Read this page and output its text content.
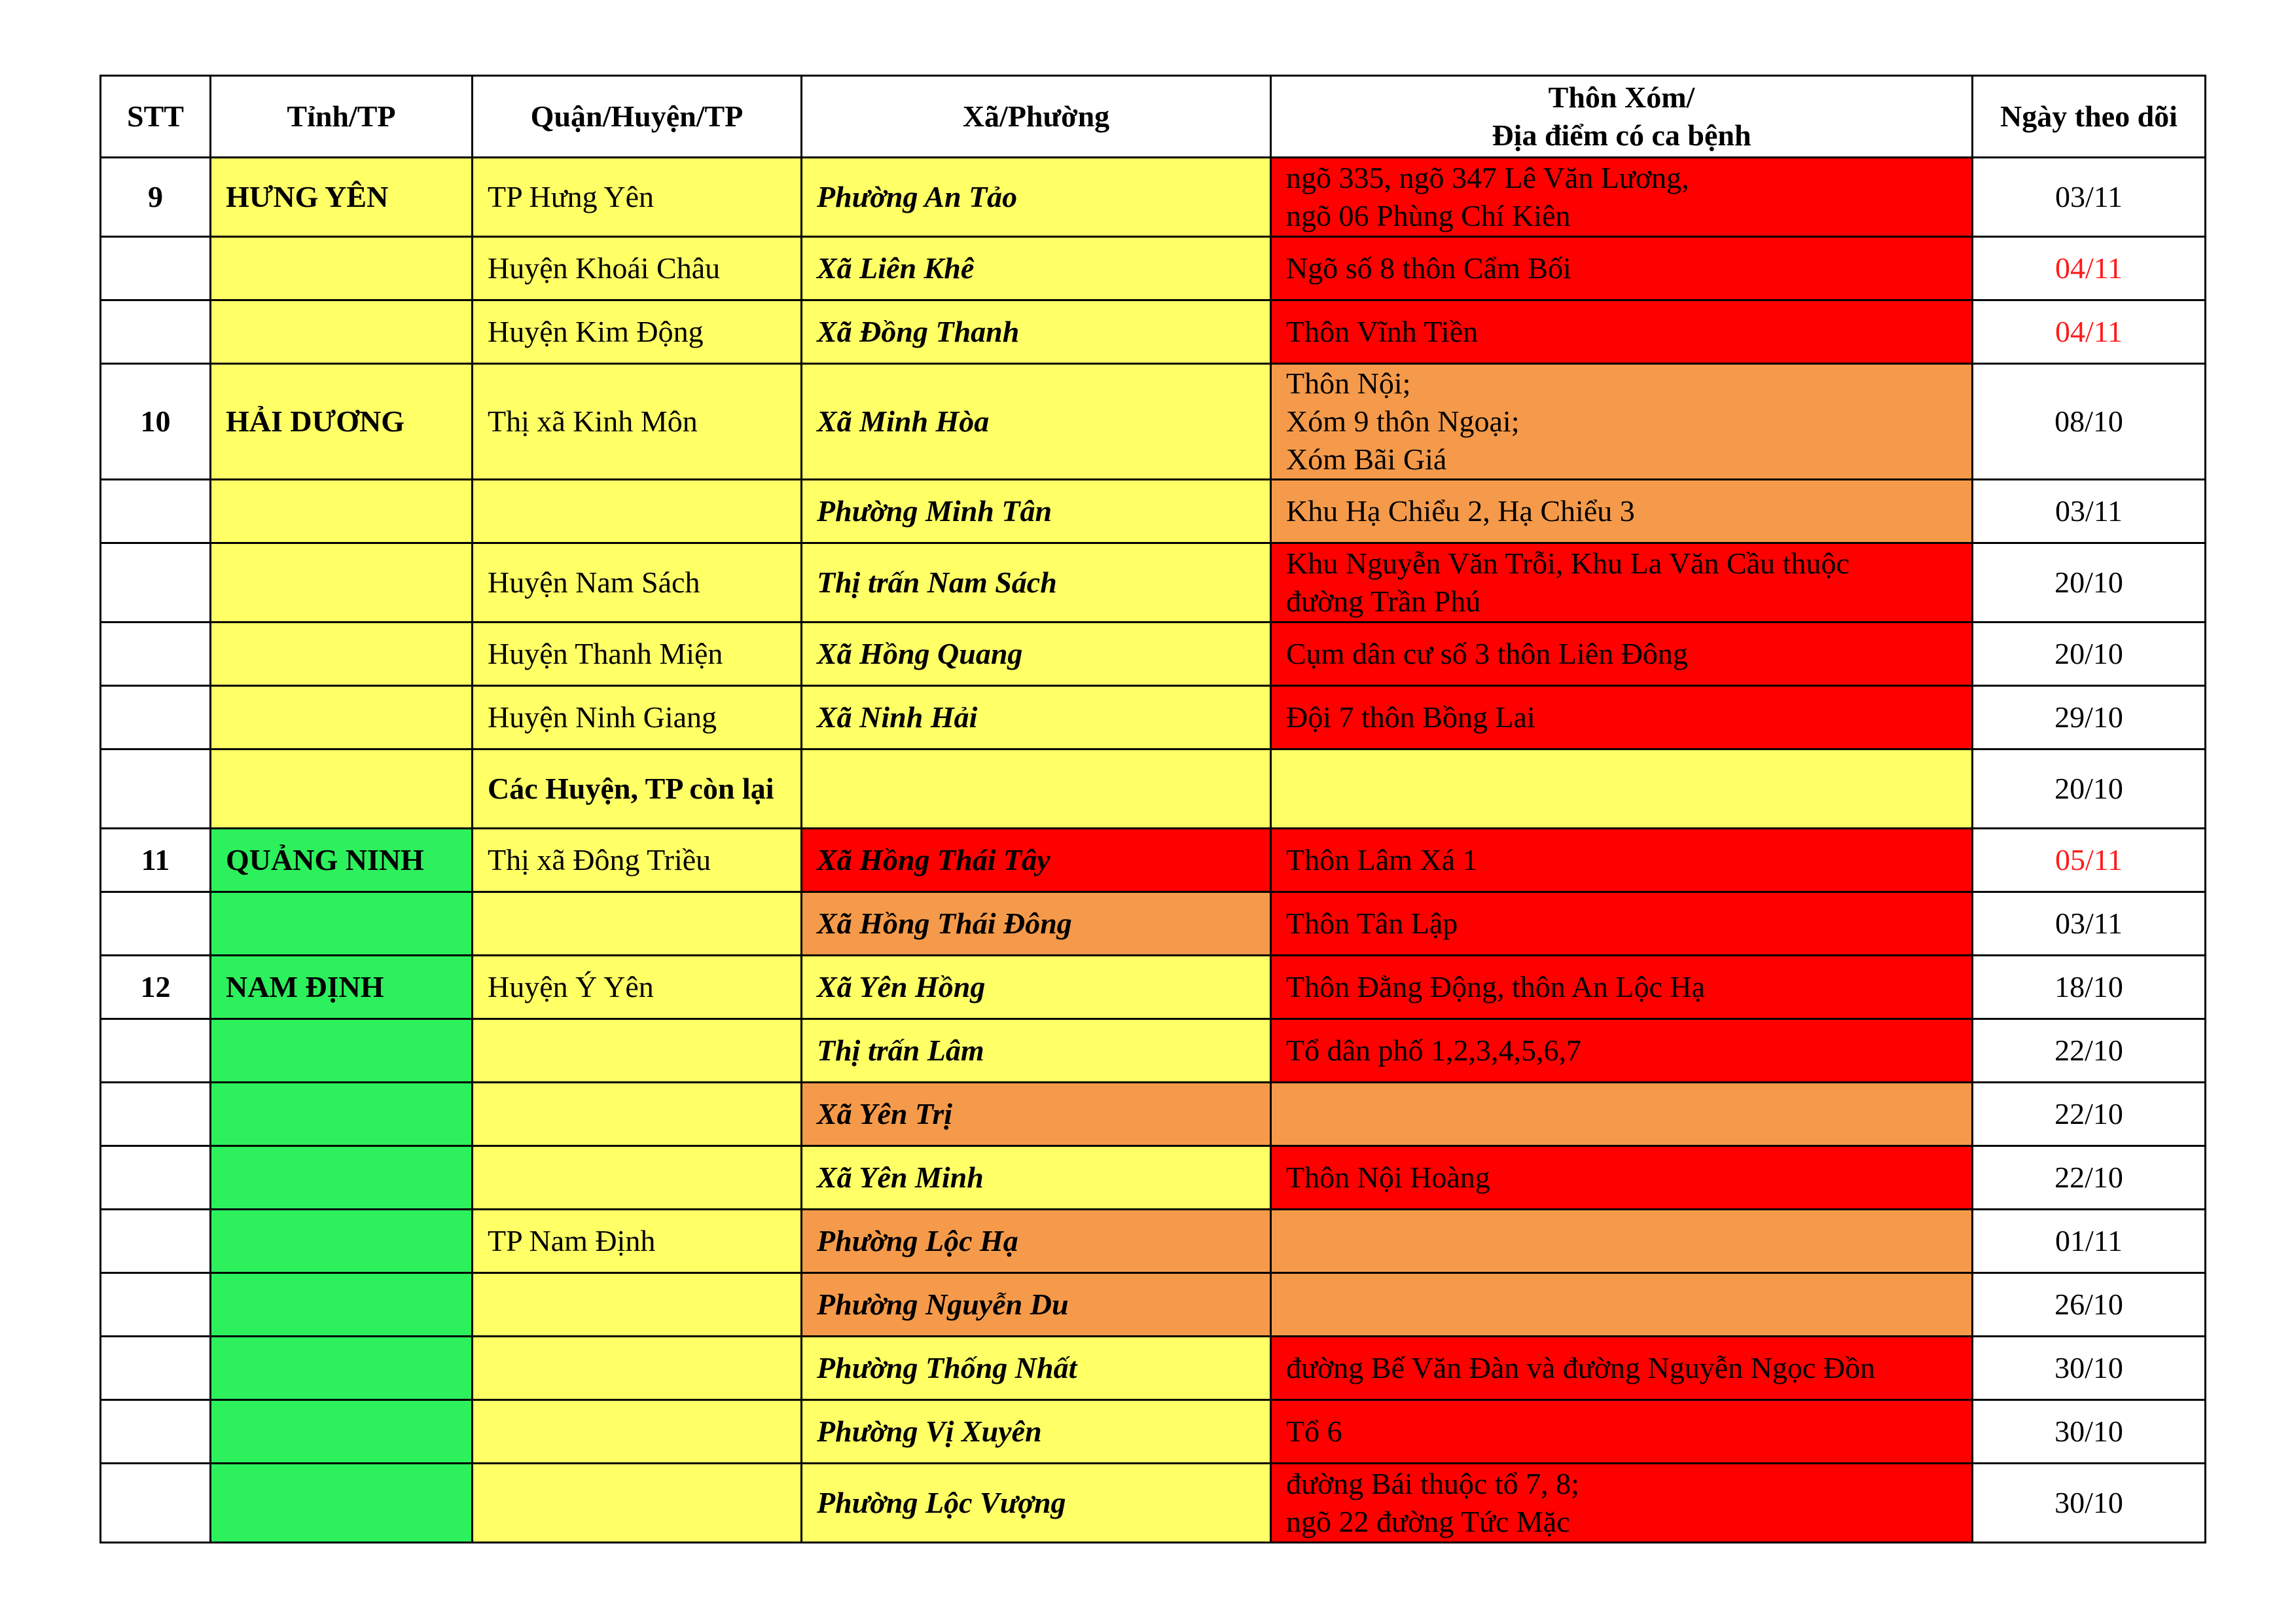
STT	Tỉnh/TP	Quận/Huyện/TP	Xã/Phường	Thôn Xóm/
Địa điểm có ca bệnh	Ngày theo dõi
9	HƯNG YÊN	TP Hưng Yên	Phường An Tảo	ngõ 335, ngõ 347 Lê Văn Lương,
ngõ 06 Phùng Chí Kiên	03/11
		Huyện Khoái Châu	Xã Liên Khê	Ngõ số 8 thôn Cẩm Bối	04/11
		Huyện Kim Động	Xã Đồng Thanh	Thôn Vĩnh Tiền	04/11
10	HẢI DƯƠNG	Thị xã Kinh Môn	Xã Minh Hòa	Thôn Nội;
Xóm 9 thôn Ngoại;
Xóm Bãi Giá	08/10
			Phường Minh Tân	Khu Hạ Chiểu 2, Hạ Chiểu 3	03/11
		Huyện Nam Sách	Thị trấn Nam Sách	Khu Nguyễn Văn Trỗi, Khu La Văn Cầu thuộc
đường Trần Phú	20/10
		Huyện Thanh Miện	Xã Hồng Quang	Cụm dân cư số 3 thôn Liên Đông	20/10
		Huyện Ninh Giang	Xã Ninh Hải	Đội 7 thôn Bồng Lai	29/10
		Các Huyện, TP còn lại			20/10
11	QUẢNG NINH	Thị xã Đông Triều	Xã Hồng Thái Tây	Thôn Lâm Xá 1	05/11
			Xã Hồng Thái Đông	Thôn Tân Lập	03/11
12	NAM ĐỊNH	Huyện Ý Yên	Xã Yên Hồng	Thôn Đằng Động, thôn An Lộc Hạ	18/10
			Thị trấn Lâm	Tổ dân phố 1,2,3,4,5,6,7	22/10
			Xã Yên Trị		22/10
			Xã Yên Minh	Thôn Nội Hoàng	22/10
		TP Nam Định	Phường Lộc Hạ		01/11
			Phường Nguyễn Du		26/10
			Phường Thống Nhất	đường Bế Văn Đàn và đường Nguyễn Ngọc Đồn	30/10
			Phường Vị Xuyên	Tổ 6	30/10
			Phường Lộc Vượng	đường Bái thuộc tổ 7, 8;
ngõ 22 đường Tức Mặc	30/10
